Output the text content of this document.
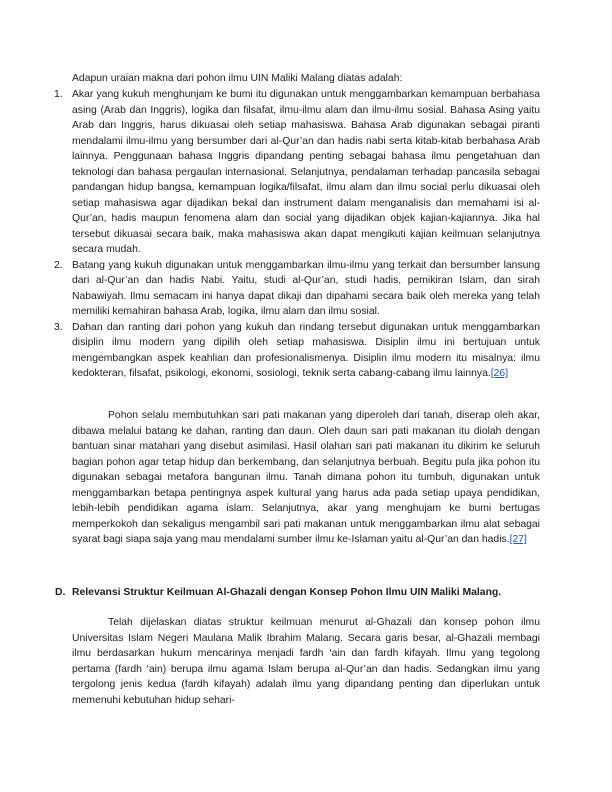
Adapun uraian makna dari pohon ilmu UIN Maliki Malang diatas adalah:
1. Akar yang kukuh menghunjam ke bumi itu digunakan untuk menggambarkan kemampuan berbahasa asing (Arab dan Inggris), logika dan filsafat, ilmu-ilmu alam dan ilmu-ilmu sosial. Bahasa Asing yaitu Arab dan Inggris, harus dikuasai oleh setiap mahasiswa. Bahasa Arab digunakan sebagai piranti mendalami ilmu-ilmu yang bersumber dari al-Qur’an dan hadis nabi serta kitab-kitab berbahasa Arab lainnya. Penggunaan bahasa Inggris dipandang penting sebagai bahasa ilmu pengetahuan dan teknologi dan bahasa pergaulan internasional. Selanjutnya, pendalaman terhadap pancasila sebagai pandangan hidup bangsa, kemampuan logika/filsafat, ilmu alam dan ilmu social perlu dikuasai oleh setiap mahasiswa agar dijadikan bekal dan instrument dalam menganalisis dan memahami isi al-Qur’an, hadis maupun fenomena alam dan social yang dijadikan objek kajian-kajiannya. Jika hal tersebut dikuasai secara baik, maka mahasiswa akan dapat mengikuti kajian keilmuan selanjutnya secara mudah.
2. Batang yang kukuh digunakan untuk menggambarkan ilmu-ilmu yang terkait dan bersumber lansung dari al-Qur’an dan hadis Nabi. Yaitu, studi al-Qur’an, studi hadis, pemikiran Islam, dan sirah Nabawiyah. Ilmu semacam ini hanya dapat dikaji dan dipahami secara baik oleh mereka yang telah memiliki kemahiran bahasa Arab, logika, ilmu alam dan ilmu sosial.
3. Dahan dan ranting dari pohon yang kukuh dan rindang tersebut digunakan untuk menggambarkan disiplin ilmu modern yang dipilih oleh setiap mahasiswa. Disiplin ilmu ini bertujuan untuk mengembangkan aspek keahlian dan profesionalismenya. Disiplin ilmu modern itu misalnya: ilmu kedokteran, filsafat, psikologi, ekonomi, sosiologi, teknik serta cabang-cabang ilmu lainnya.[26]

Pohon selalu membutuhkan sari pati makanan yang diperoleh dari tanah, diserap oleh akar, dibawa melalui batang ke dahan, ranting dan daun. Oleh daun sari pati makanan itu diolah dengan bantuan sinar matahari yang disebut asimilasi. Hasil olahan sari pati makanan itu dikirim ke seluruh bagian pohon agar tetap hidup dan berkembang, dan selanjutnya berbuah. Begitu pula jika pohon itu digunakan sebagai metafora bangunan ilmu. Tanah dimana pohon itu tumbuh, digunakan untuk menggambarkan betapa pentingnya aspek kultural yang harus ada pada setiap upaya pendidikan, lebih-lebih pendidikan agama islam. Selanjutnya, akar yang menghujam ke bumi bertugas memperkokoh dan sekaligus mengambil sari pati makanan untuk menggambarkan ilmu alat sebagai syarat bagi siapa saja yang mau mendalami sumber ilmu ke-Islaman yaitu al-Qur’an dan hadis.[27]

D. Relevansi Struktur Keilmuan Al-Ghazali dengan Konsep Pohon Ilmu UIN Maliki Malang.

Telah dijelaskan diatas struktur keilmuan menurut al-Ghazali dan konsep pohon ilmu Universitas Islam Negeri Maulana Malik Ibrahim Malang. Secara garis besar, al-Ghazali membagi ilmu berdasarkan hukum mencarinya menjadi fardh ‘ain dan fardh kifayah. Ilmu yang tegolong pertama (fardh ‘ain) berupa ilmu agama Islam berupa al-Qur’an dan hadis. Sedangkan ilmu yang tergolong jenis kedua (fardh kifayah) adalah ilmu yang dipandang penting dan diperlukan untuk memenuhi kebutuhan hidup sehari-
